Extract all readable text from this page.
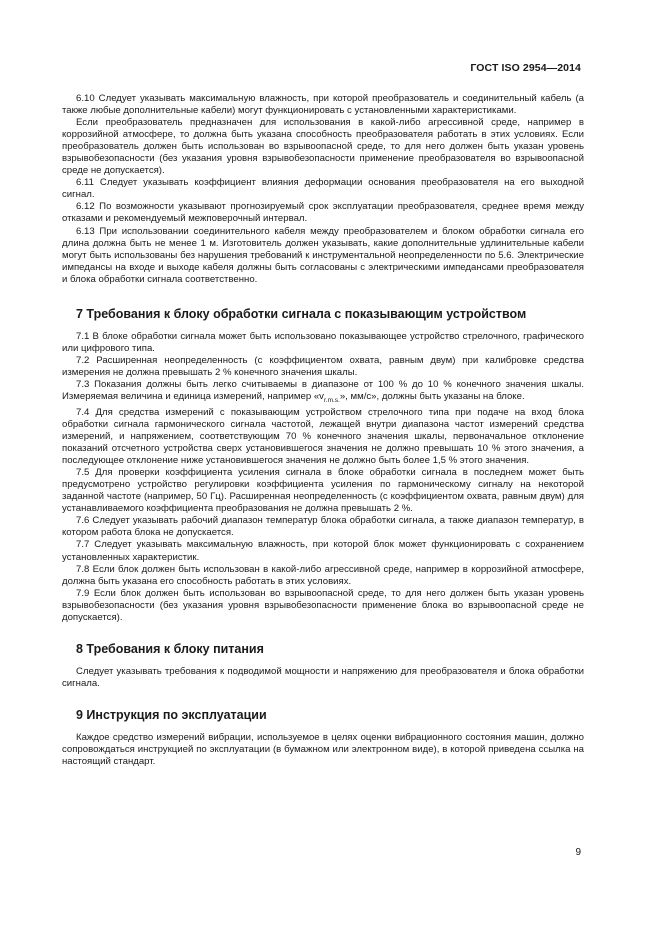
ГОСТ ISO 2954—2014

6.10 Следует указывать максимальную влажность, при которой преобразователь и соединительный кабель (а также любые дополнительные кабели) могут функционировать с установленными характеристиками.

Если преобразователь предназначен для использования в какой-либо агрессивной среде, например в коррозийной атмосфере, то должна быть указана способность преобразователя работать в этих условиях. Если преобразователь должен быть использован во взрывоопасной среде, то для него должен быть указан уровень взрывобезопасности (без указания уровня взрывобезопасности применение преобразователя во взрывоопасной среде не допускается).

6.11 Следует указывать коэффициент влияния деформации основания преобразователя на его выходной сигнал.

6.12 По возможности указывают прогнозируемый срок эксплуатации преобразователя, среднее время между отказами и рекомендуемый межповерочный интервал.

6.13 При использовании соединительного кабеля между преобразователем и блоком обработки сигнала его длина должна быть не менее 1 м. Изготовитель должен указывать, какие дополнительные удлинительные кабели могут быть использованы без нарушения требований к инструментальной неопределенности по 5.6. Электрические импедансы на входе и выходе кабеля должны быть согласованы с электрическими импедансами преобразователя и блока обработки сигнала соответственно.

7 Требования к блоку обработки сигнала с показывающим устройством

7.1 В блоке обработки сигнала может быть использовано показывающее устройство стрелочного, графического или цифрового типа.

7.2 Расширенная неопределенность (с коэффициентом охвата, равным двум) при калибровке средства измерения не должна превышать 2 % конечного значения шкалы.

7.3 Показания должны быть легко считываемы в диапазоне от 100 % до 10 % конечного значения шкалы. Измеряемая величина и единица измерений, например «$v_{r.m.s.}$», мм/с», должны быть указаны на блоке.

7.4 Для средства измерений с показывающим устройством стрелочного типа при подаче на вход блока обработки сигнала гармонического сигнала частотой, лежащей внутри диапазона частот измерений средства измерений, и напряжением, соответствующим 70 % конечного значения шкалы, первоначальное отклонение показаний отсчетного устройства сверх установившегося значения не должно превышать 10 % этого значения, а последующее отклонение ниже установившегося значения не должно быть более 1,5 % этого значения.

7.5 Для проверки коэффициента усиления сигнала в блоке обработки сигнала в последнем может быть предусмотрено устройство регулировки коэффициента усиления по гармоническому сигналу на некоторой заданной частоте (например, 50 Гц). Расширенная неопределенность (с коэффициентом охвата, равным двум) для устанавливаемого коэффициента преобразования не должна превышать 2 %.

7.6 Следует указывать рабочий диапазон температур блока обработки сигнала, а также диапазон температур, в котором работа блока не допускается.

7.7 Следует указывать максимальную влажность, при которой блок может функционировать с сохранением установленных характеристик.

7.8 Если блок должен быть использован в какой-либо агрессивной среде, например в коррозийной атмосфере, должна быть указана его способность работать в этих условиях.

7.9 Если блок должен быть использован во взрывоопасной среде, то для него должен быть указан уровень взрывобезопасности (без указания уровня взрывобезопасности применение блока во взрывоопасной среде не допускается).

8 Требования к блоку питания

Следует указывать требования к подводимой мощности и напряжению для преобразователя и блока обработки сигнала.

9 Инструкция по эксплуатации

Каждое средство измерений вибрации, используемое в целях оценки вибрационного состояния машин, должно сопровождаться инструкцией по эксплуатации (в бумажном или электронном виде), в которой приведена ссылка на настоящий стандарт.

9
